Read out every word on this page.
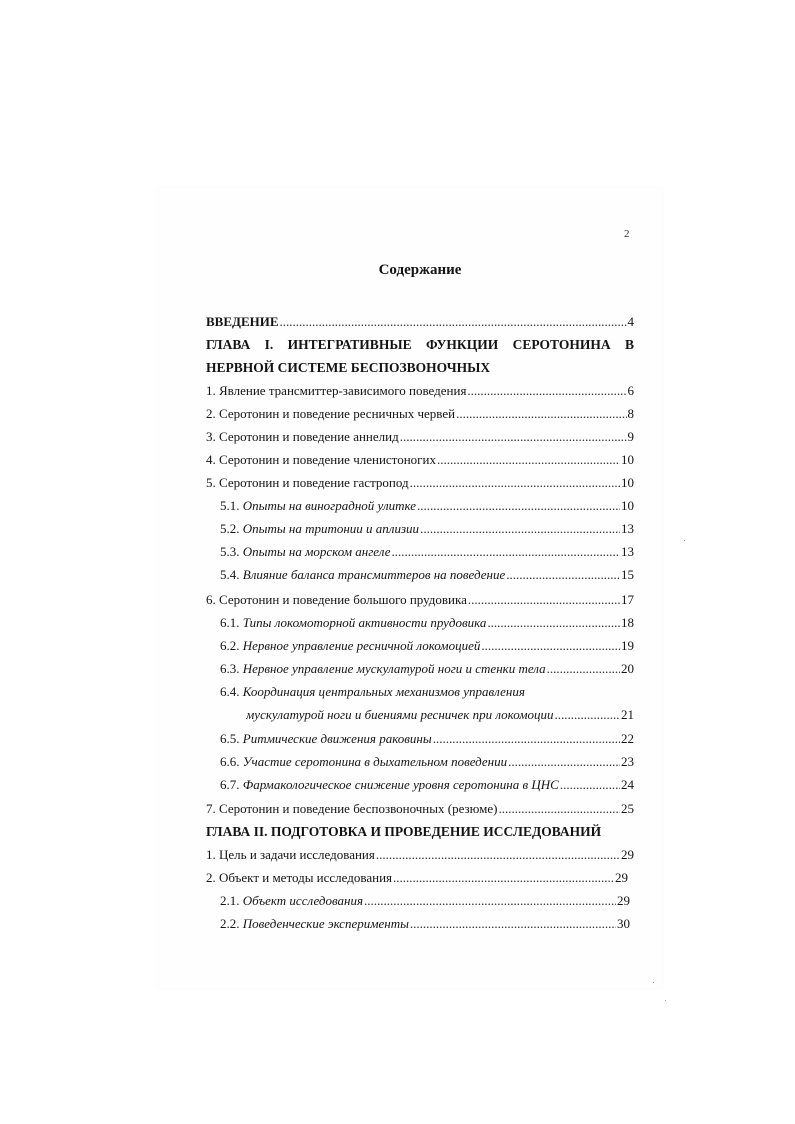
2
Содержание
ВВЕДЕНИЕ .....	4
ГЛАВА I. ИНТЕГРАТИВНЫЕ ФУНКЦИИ СЕРОТОНИНА В
НЕРВНОЙ СИСТЕМЕ БЕСПОЗВОНОЧНЫХ
1.
Явление трансмиттер-зависимого поведения .....	6
2.
Серотонин и поведение ресничных червей .....	8
3.
Серотонин и поведение аннелид .....	9
4.
Серотонин и поведение членистоногих .....	10
5.
Серотонин и поведение гастропод .....	10
5.1.
Опыты на виноградной улитке .....	10
5.2.
Опыты на тритонии и аплизии .....	13
5.3.
Опыты на морском ангеле .....	13
5.4.
Влияние баланса трансмиттеров на поведение .....	15
6.
Серотонин и поведение большого прудовика .....	17
6.1.
Типы локомоторной активности прудовика .....	18
6.2.
Нервное управление ресничной локомоцией .....	19
6.3.
Нервное управление мускулатурой ноги и стенки тела .....	20
6.4.
Координация центральных механизмов управления
мускулатурой ноги и биениями ресничек при локомоции .....	21
6.5.
Ритмические движения раковины .....	22
6.6.
Участие серотонина в дыхательном поведении .....	23
6.7.
Фармакологическое снижение уровня серотонина в ЦНС .....	24
7.
Серотонин и поведение беспозвоночных (резюме) .....	25
ГЛАВА II. ПОДГОТОВКА И ПРОВЕДЕНИЕ ИССЛЕДОВАНИЙ
1.
Цель и задачи исследования .....	29
2.
Объект и методы исследования .....	29
2.1.
Объект исследования .....	29
2.2.
Поведенческие эксперименты .....	30
